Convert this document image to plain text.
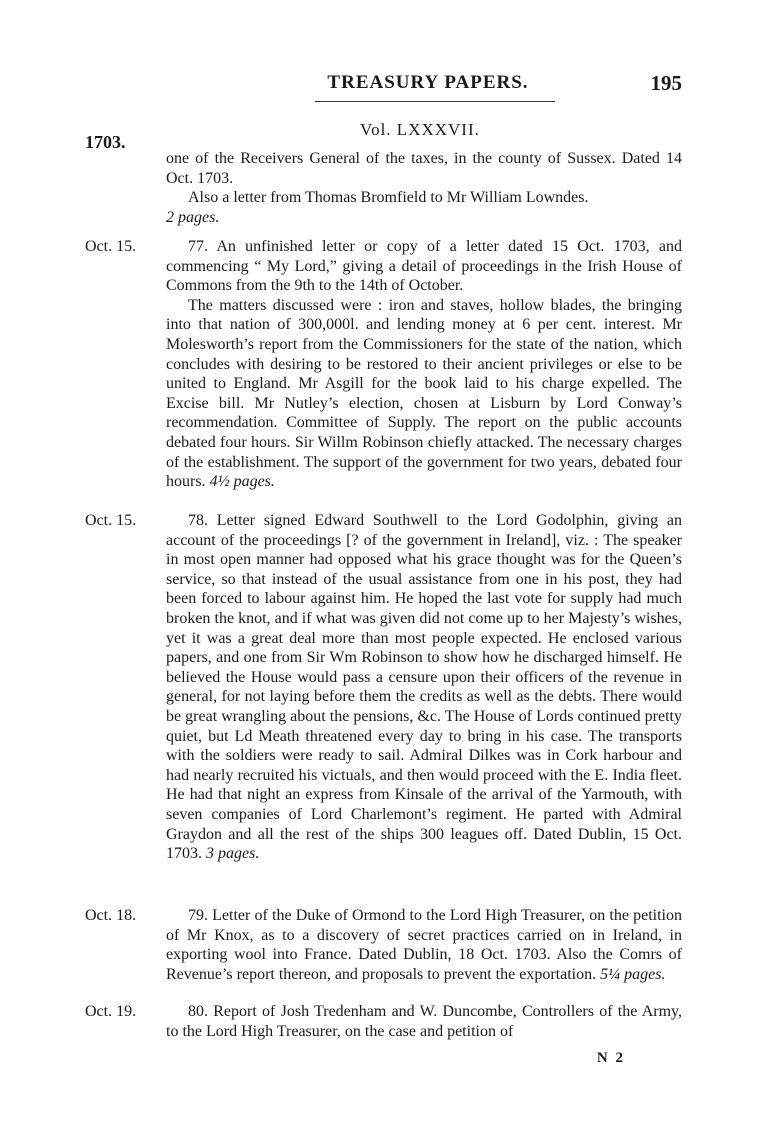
TREASURY PAPERS.	195
1703.
Vol. LXXXVII.

one of the Receivers General of the taxes, in the county of Sussex. Dated 14 Oct. 1703.

Also a letter from Thomas Bromfield to Mr William Lowndes.
2 pages.

Oct. 15.	77. An unfinished letter or copy of a letter dated 15 Oct. 1703, and commencing “ My Lord,” giving a detail of proceedings in the Irish House of Commons from the 9th to the 14th of October.

The matters discussed were : iron and staves, hollow blades, the bringing into that nation of 300,000l. and lending money at 6 per cent. interest. Mr Molesworth’s report from the Commissioners for the state of the nation, which concludes with desiring to be restored to their ancient privileges or else to be united to England. Mr Asgill for the book laid to his charge expelled. The Excise bill. Mr Nutley’s election, chosen at Lisburn by Lord Conway’s recommendation. Committee of Supply. The report on the public accounts debated four hours. Sir Willm Robinson chiefly attacked. The necessary charges of the establishment. The support of the government for two years, debated four hours. 4½ pages.

Oct. 15.	78. Letter signed Edward Southwell to the Lord Godolphin, giving an account of the proceedings [? of the government in Ireland], viz. : The speaker in most open manner had opposed what his grace thought was for the Queen’s service, so that instead of the usual assistance from one in his post, they had been forced to labour against him. He hoped the last vote for supply had much broken the knot, and if what was given did not come up to her Majesty’s wishes, yet it was a great deal more than most people expected. He enclosed various papers, and one from Sir Wm Robinson to show how he discharged himself. He believed the House would pass a censure upon their officers of the revenue in general, for not laying before them the credits as well as the debts. There would be great wrangling about the pensions, &c. The House of Lords continued pretty quiet, but Ld Meath threatened every day to bring in his case. The transports with the soldiers were ready to sail. Admiral Dilkes was in Cork harbour and had nearly recruited his victuals, and then would proceed with the E. India fleet. He had that night an express from Kinsale of the arrival of the Yarmouth, with seven companies of Lord Charlemont’s regiment. He parted with Admiral Graydon and all the rest of the ships 300 leagues off. Dated Dublin, 15 Oct. 1703. 3 pages.

Oct. 18.	79. Letter of the Duke of Ormond to the Lord High Treasurer, on the petition of Mr Knox, as to a discovery of secret practices carried on in Ireland, in exporting wool into France. Dated Dublin, 18 Oct. 1703. Also the Comrs of Revenue’s report thereon, and proposals to prevent the exportation. 5¼ pages.

Oct. 19.	80. Report of Josh Tredenham and W. Duncombe, Controllers of the Army, to the Lord High Treasurer, on the case and petition of

N 2
